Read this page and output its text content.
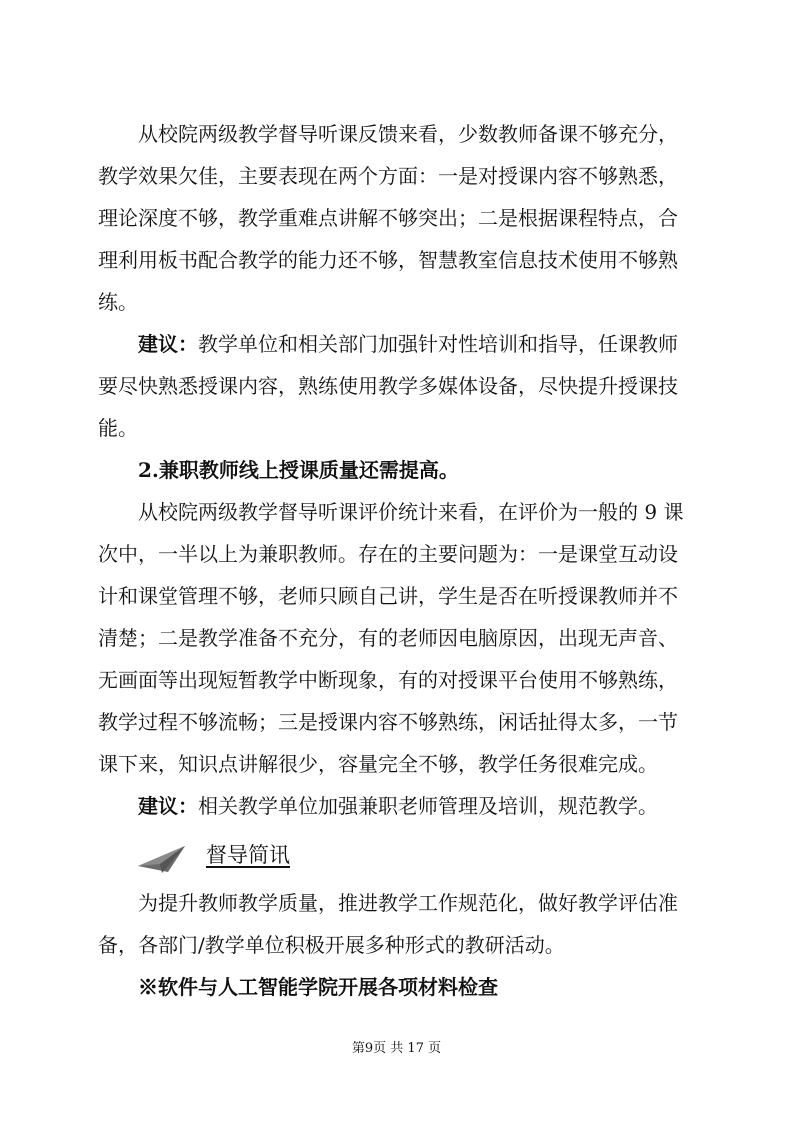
从校院两级教学督导听课反馈来看，少数教师备课不够充分，
教学效果欠佳，主要表现在两个方面：一是对授课内容不够熟悉，
理论深度不够，教学重难点讲解不够突出；二是根据课程特点，合
理利用板书配合教学的能力还不够，智慧教室信息技术使用不够熟
练。
建议：教学单位和相关部门加强针对性培训和指导，任课教师
要尽快熟悉授课内容，熟练使用教学多媒体设备，尽快提升授课技
能。
2.兼职教师线上授课质量还需提高。
从校院两级教学督导听课评价统计来看，在评价为一般的 9 课
次中，一半以上为兼职教师。存在的主要问题为：一是课堂互动设
计和课堂管理不够，老师只顾自己讲，学生是否在听授课教师并不
清楚；二是教学准备不充分，有的老师因电脑原因，出现无声音、
无画面等出现短暂教学中断现象，有的对授课平台使用不够熟练，
教学过程不够流畅；三是授课内容不够熟练，闲话扯得太多，一节
课下来，知识点讲解很少，容量完全不够，教学任务很难完成。
建议：相关教学单位加强兼职老师管理及培训，规范教学。
督导简讯
为提升教师教学质量，推进教学工作规范化，做好教学评估准
备，各部门/教学单位积极开展多种形式的教研活动。
※软件与人工智能学院开展各项材料检查
第9页 共 17 页
